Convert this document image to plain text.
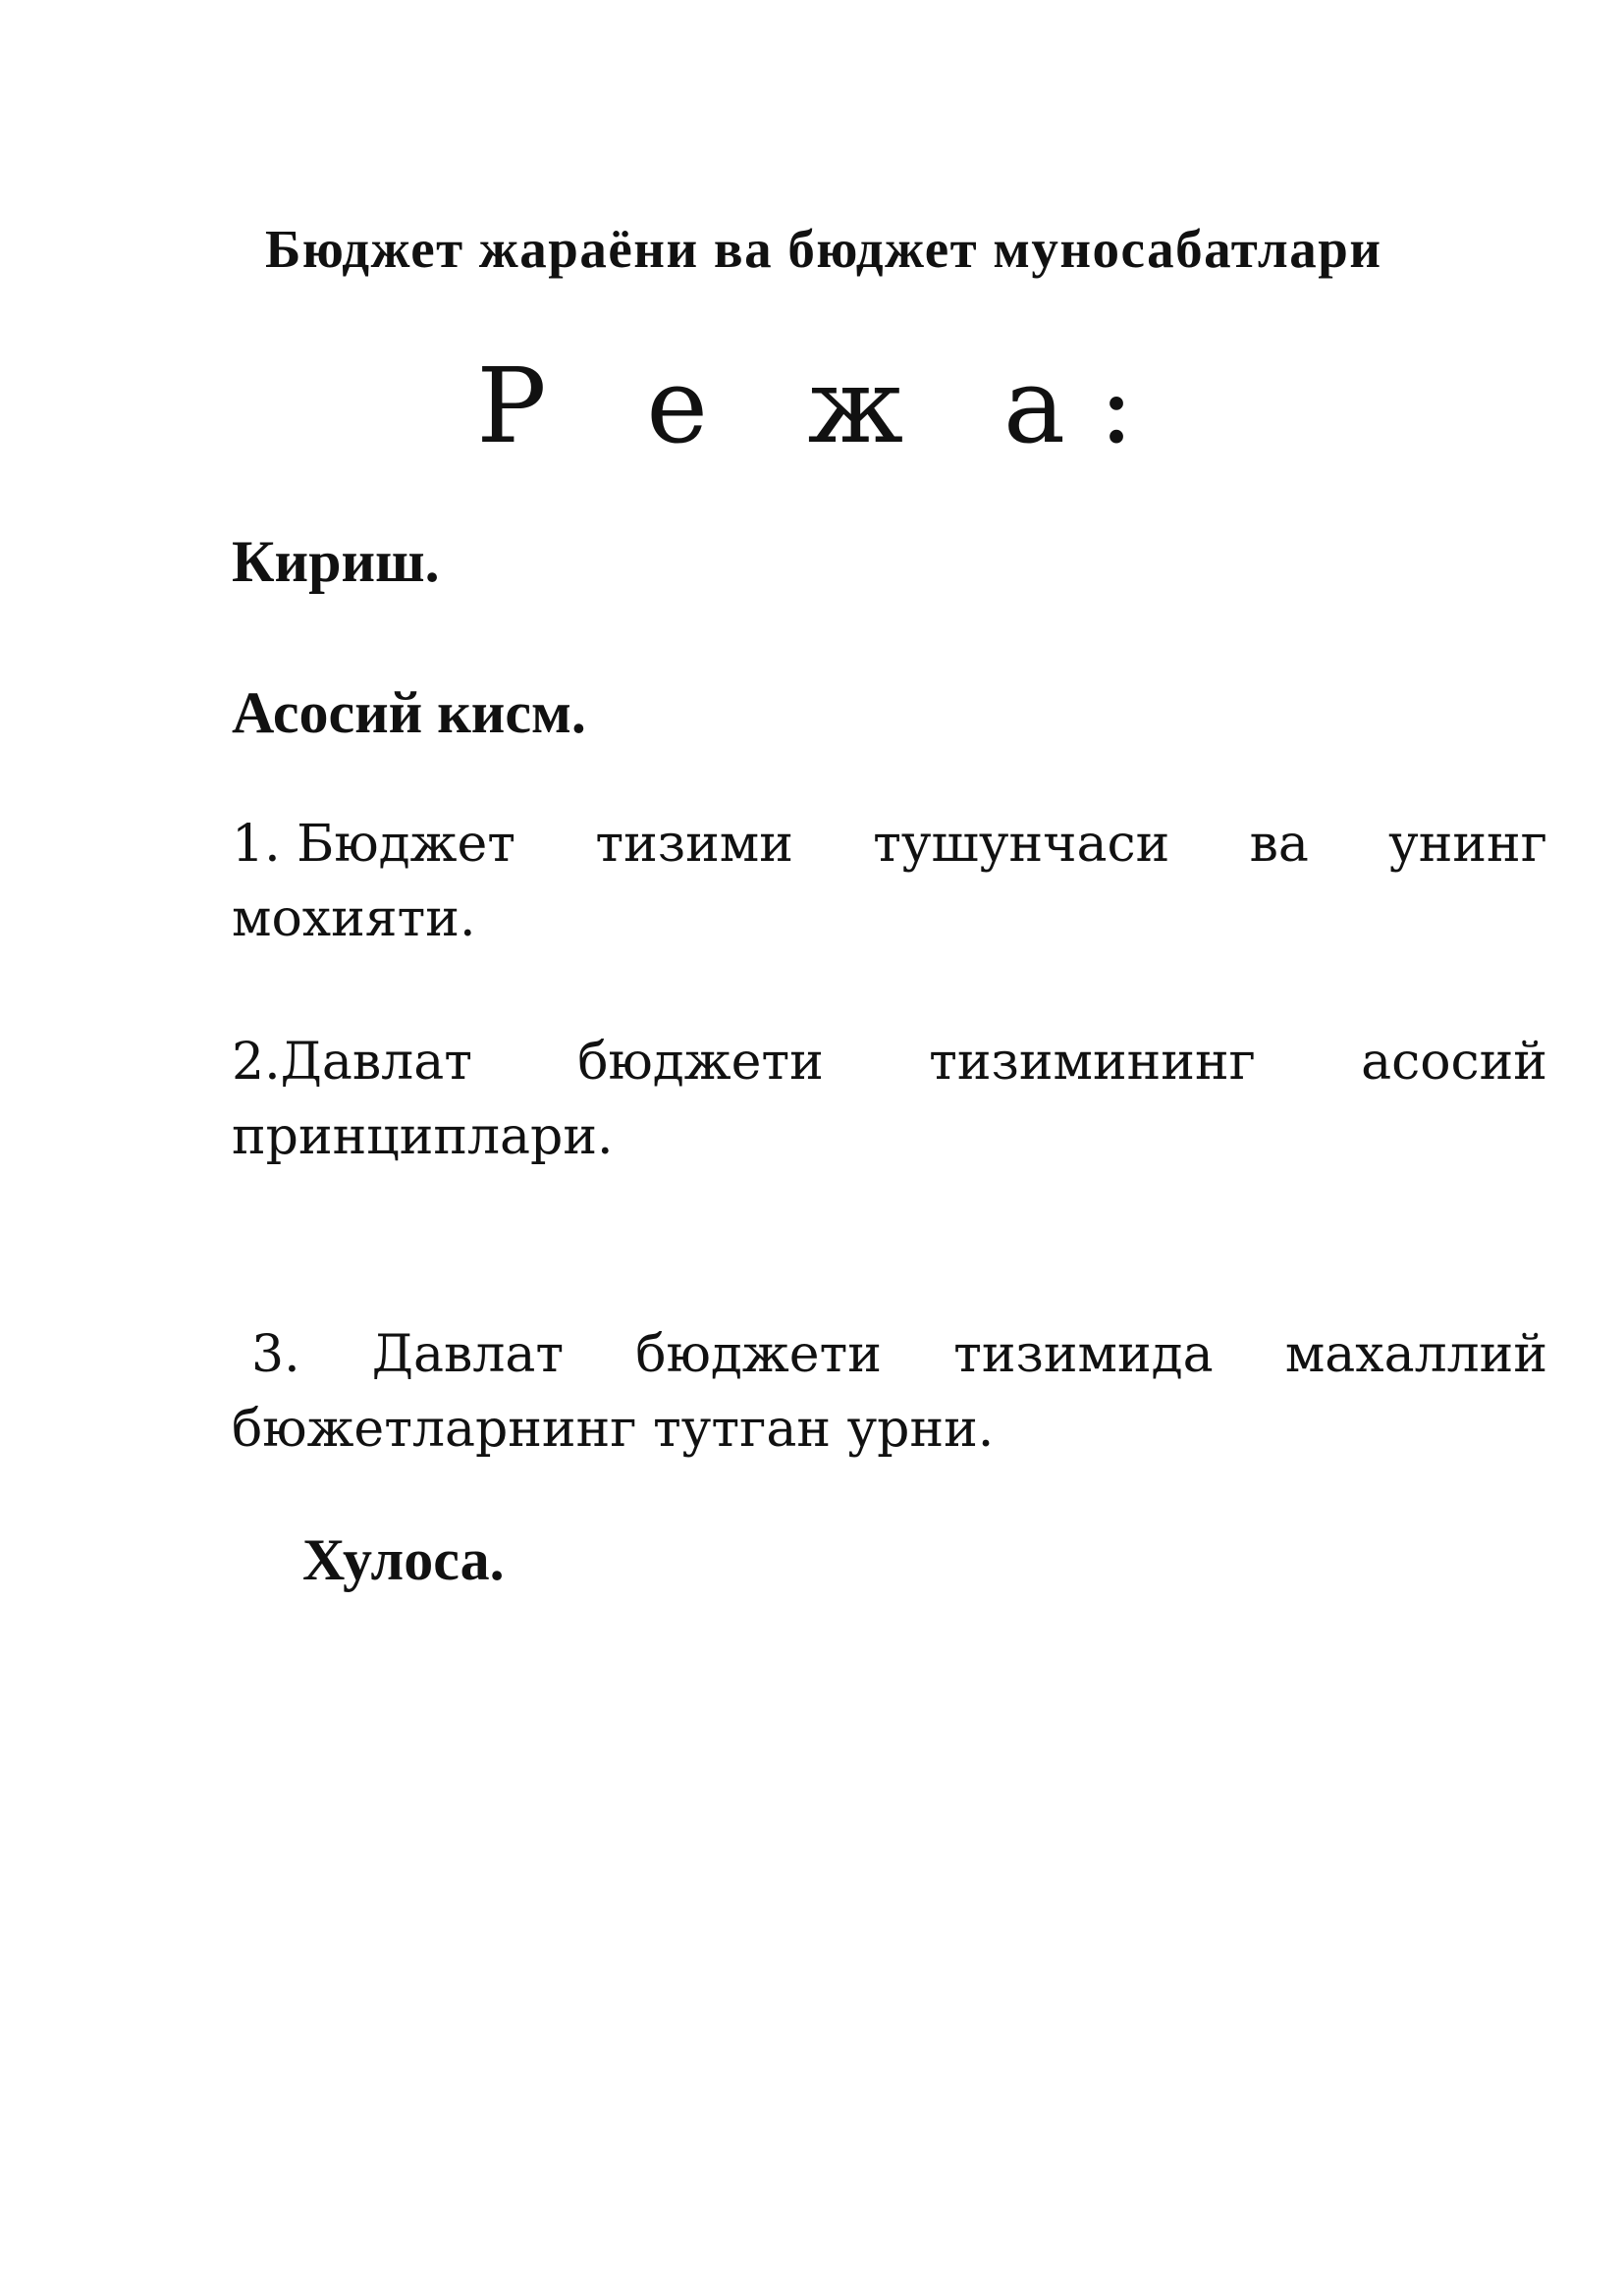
Бюджет жараёни ва бюджет муносабатлари
Р е ж а:
Кириш.
Асосий кисм.
1. Бюджет тизими тушунчаси ва унинг
мохияти.
2.Давлат бюджети тизимининг асосий
принциплари.
3. Давлат бюджети тизимида махаллий
бюжетларнинг тутган урни.
Хулоса.
